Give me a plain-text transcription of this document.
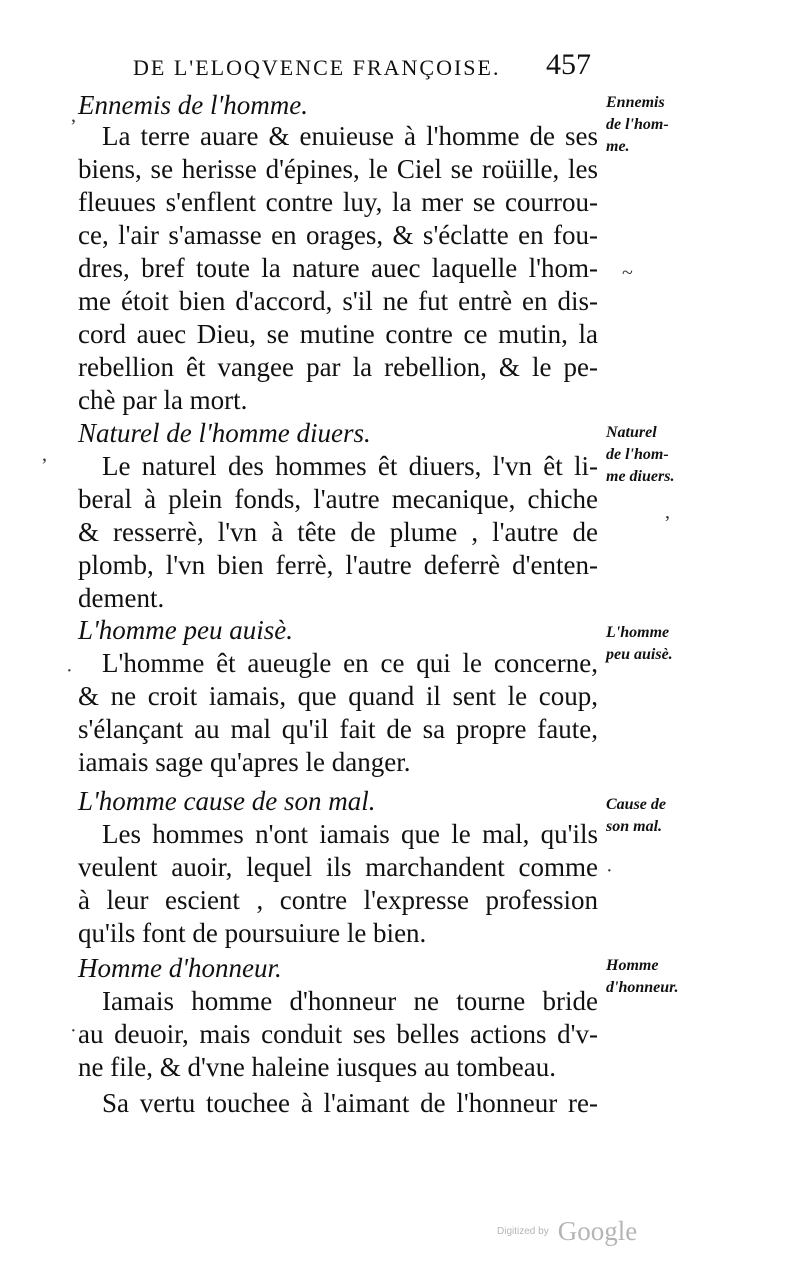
DE L'ELOQVENCE FRANÇOISE. 457
Ennemis de l'homme.	Ennemis
de l'hom-
me.
La terre auare & enuieuse à l'homme de ses
biens, se herisse d'épines, le Ciel se roüille, les
fleuues s'enflent contre luy, la mer se courrou-
ce, l'air s'amasse en orages, & s'éclatte en fou-
dres, bref toute la nature auec laquelle l'hom-
me étoit bien d'accord, s'il ne fut entrè en dis-
cord auec Dieu, se mutine contre ce mutin, la
rebellion êt vangee par la rebellion, & le pe-
chè par la mort.
Naturel de l'homme diuers.	Naturel
de l'hom-
me diuers.
Le naturel des hommes êt diuers, l'vn êt li-
beral à plein fonds, l'autre mecanique, chiche
& resserrè, l'vn à tête de plume , l'autre de
plomb, l'vn bien ferrè, l'autre deferrè d'enten-
dement.
L'homme peu auisè.	L'homme
peu auisè.
L'homme êt aueugle en ce qui le concerne,
& ne croit iamais, que quand il sent le coup,
s'élançant au mal qu'il fait de sa propre faute,
iamais sage qu'apres le danger.
L'homme cause de son mal.	Cause de
son mal.
Les hommes n'ont iamais que le mal, qu'ils
veulent auoir, lequel ils marchandent comme
à leur escient , contre l'expresse profession
qu'ils font de poursuiure le bien.
Homme d'honneur.	Homme
d'honneur.
Iamais homme d'honneur ne tourne bride
au deuoir, mais conduit ses belles actions d'v-
ne file, & d'vne haleine iusques au tombeau.
Sa vertu touchee à l'aimant de l'honneur re-
ʼ
~
ʼ
‚
·
·
·
Digitized by Google
